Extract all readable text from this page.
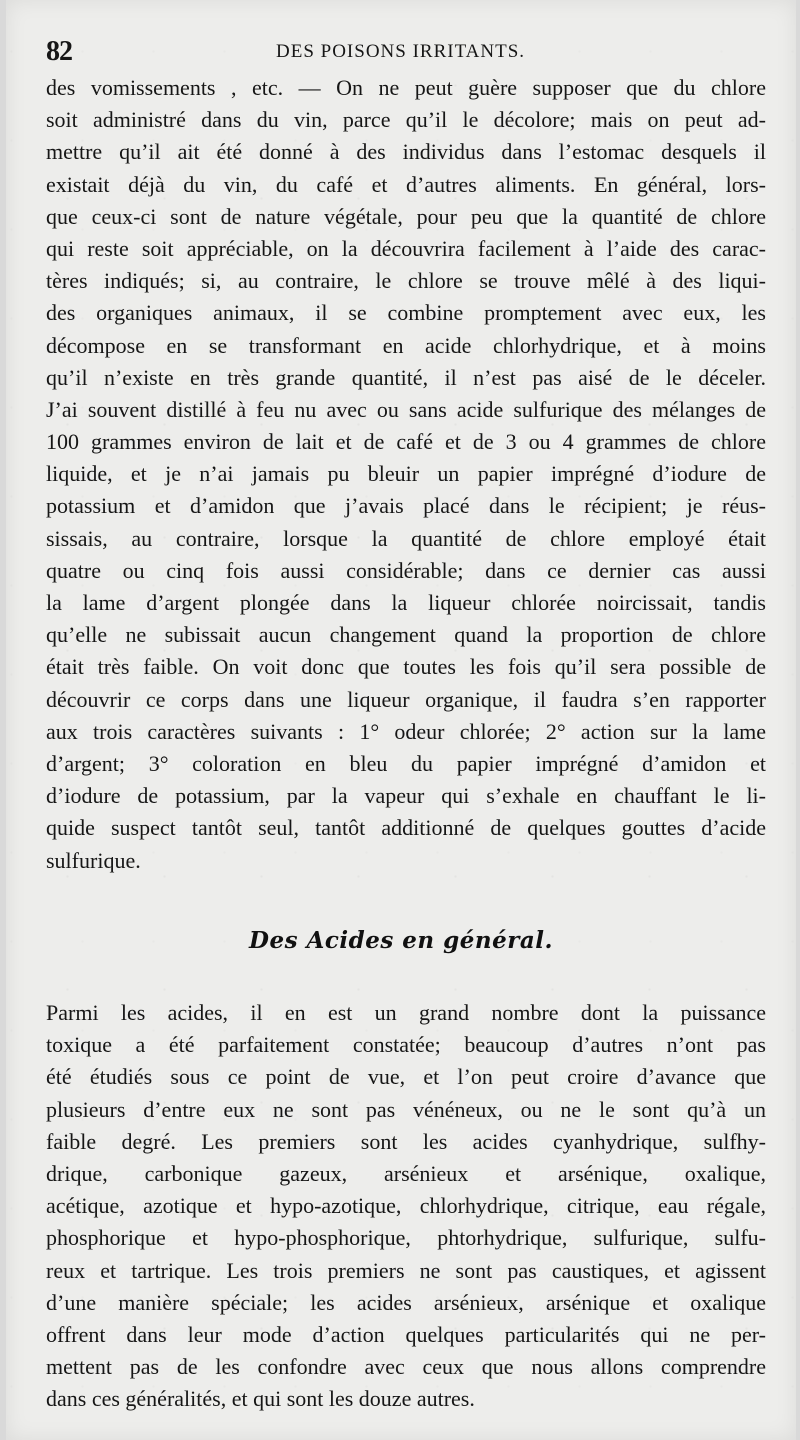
82	DES POISONS IRRITANTS.
des vomissements , etc. — On ne peut guère supposer que du chlore
soit administré dans du vin, parce qu’il le décolore; mais on peut ad-
mettre qu’il ait été donné à des individus dans l’estomac desquels il
existait déjà du vin, du café et d’autres aliments. En général, lors-
que ceux-ci sont de nature végétale, pour peu que la quantité de chlore
qui reste soit appréciable, on la découvrira facilement à l’aide des carac-
tères indiqués; si, au contraire, le chlore se trouve mêlé à des liqui-
des organiques animaux, il se combine promptement avec eux, les
décompose en se transformant en acide chlorhydrique, et à moins
qu’il n’existe en très grande quantité, il n’est pas aisé de le déceler.
J’ai souvent distillé à feu nu avec ou sans acide sulfurique des mélanges de
100 grammes environ de lait et de café et de 3 ou 4 grammes de chlore
liquide, et je n’ai jamais pu bleuir un papier imprégné d’iodure de
potassium et d’amidon que j’avais placé dans le récipient; je réus-
sissais, au contraire, lorsque la quantité de chlore employé était
quatre ou cinq fois aussi considérable; dans ce dernier cas aussi
la lame d’argent plongée dans la liqueur chlorée noircissait, tandis
qu’elle ne subissait aucun changement quand la proportion de chlore
était très faible. On voit donc que toutes les fois qu’il sera possible de
découvrir ce corps dans une liqueur organique, il faudra s’en rapporter
aux trois caractères suivants : 1° odeur chlorée; 2° action sur la lame
d’argent; 3° coloration en bleu du papier imprégné d’amidon et
d’iodure de potassium, par la vapeur qui s’exhale en chauffant le li-
quide suspect tantôt seul, tantôt additionné de quelques gouttes d’acide
sulfurique.
Des Acides en général.
Parmi les acides, il en est un grand nombre dont la puissance
toxique a été parfaitement constatée; beaucoup d’autres n’ont pas
été étudiés sous ce point de vue, et l’on peut croire d’avance que
plusieurs d’entre eux ne sont pas vénéneux, ou ne le sont qu’à un
faible degré. Les premiers sont les acides cyanhydrique, sulfhy-
drique, carbonique gazeux, arsénieux et arsénique, oxalique,
acétique, azotique et hypo-azotique, chlorhydrique, citrique, eau régale,
phosphorique et hypo-phosphorique, phtorhydrique, sulfurique, sulfu-
reux et tartrique. Les trois premiers ne sont pas caustiques, et agissent
d’une manière spéciale; les acides arsénieux, arsénique et oxalique
offrent dans leur mode d’action quelques particularités qui ne per-
mettent pas de les confondre avec ceux que nous allons comprendre
dans ces généralités, et qui sont les douze autres.
